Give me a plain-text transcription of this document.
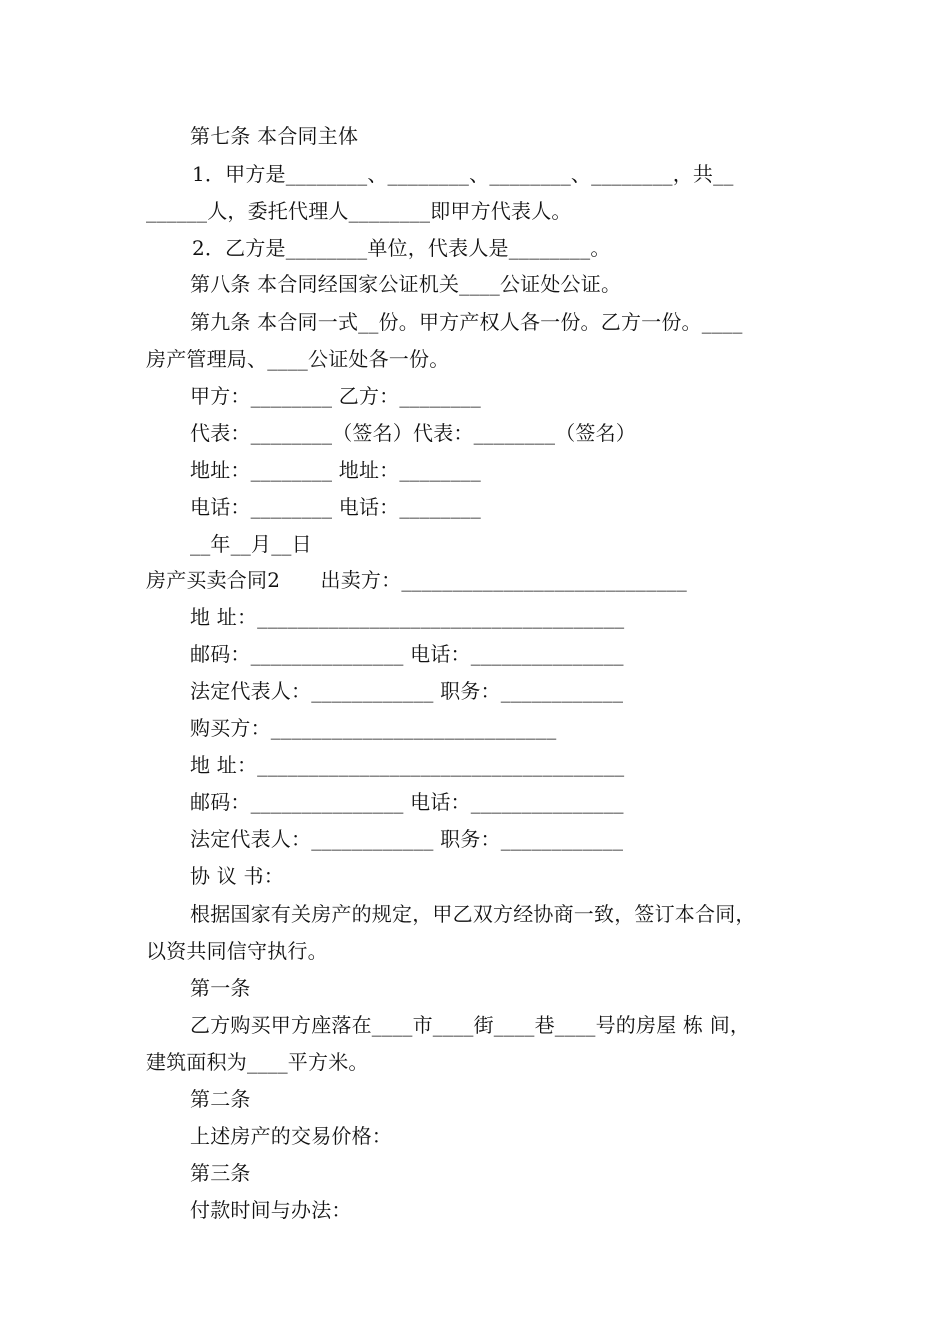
第七条 本合同主体
1．甲方是________、________、________、________，共__
______人，委托代理人________即甲方代表人。
2．乙方是________单位，代表人是________。
第八条 本合同经国家公证机关____公证处公证。
第九条 本合同一式__份。甲方产权人各一份。乙方一份。____
房产管理局、____公证处各一份。
甲方：________ 乙方：________
代表：________（签名）代表：________（签名）
地址：________ 地址：________
电话：________ 电话：________
__年__月__日
房产买卖合同2　　出卖方：____________________________
地 址：____________________________________
邮码：_______________ 电话：_______________
法定代表人：____________ 职务：____________
购买方：____________________________
地 址：____________________________________
邮码：_______________ 电话：_______________
法定代表人：____________ 职务：____________
协 议 书：
根据国家有关房产的规定，甲乙双方经协商一致，签订本合同，
以资共同信守执行。
第一条
乙方购买甲方座落在____市____街____巷____号的房屋 栋 间，
建筑面积为____平方米。
第二条
上述房产的交易价格：
第三条
付款时间与办法：
